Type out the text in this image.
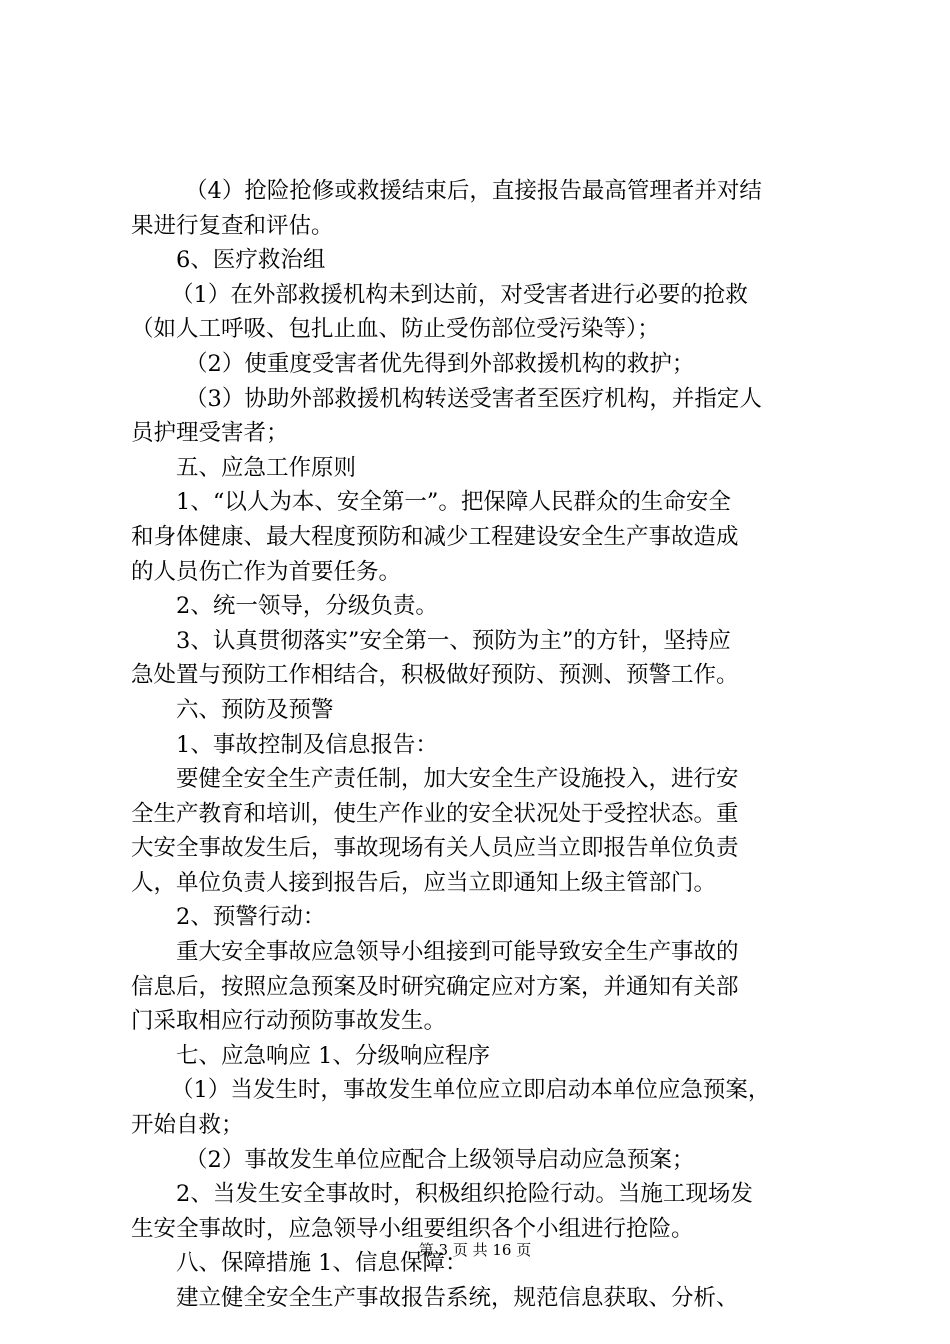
（4）抢险抢修或救援结束后，直接报告最高管理者并对结
果进行复查和评估。
6、医疗救治组
（1）在外部救援机构未到达前，对受害者进行必要的抢救
（如人工呼吸、包扎止血、防止受伤部位受污染等）；
（2）使重度受害者优先得到外部救援机构的救护；
（3）协助外部救援机构转送受害者至医疗机构，并指定人
员护理受害者；
五、应急工作原则
1、“以人为本、安全第一”。把保障人民群众的生命安全
和身体健康、最大程度预防和减少工程建设安全生产事故造成
的人员伤亡作为首要任务。
2、统一领导，分级负责。
3、认真贯彻落实”安全第一、预防为主”的方针，坚持应
急处置与预防工作相结合，积极做好预防、预测、预警工作。
六、预防及预警
1、事故控制及信息报告：
要健全安全生产责任制，加大安全生产设施投入，进行安
全生产教育和培训，使生产作业的安全状况处于受控状态。重
大安全事故发生后，事故现场有关人员应当立即报告单位负责
人，单位负责人接到报告后，应当立即通知上级主管部门。
2、预警行动：
重大安全事故应急领导小组接到可能导致安全生产事故的
信息后，按照应急预案及时研究确定应对方案，并通知有关部
门采取相应行动预防事故发生。
七、应急响应 1、分级响应程序
（1）当发生时，事故发生单位应立即启动本单位应急预案，
开始自救；
（2）事故发生单位应配合上级领导启动应急预案；
2、当发生安全事故时，积极组织抢险行动。当施工现场发
生安全事故时，应急领导小组要组织各个小组进行抢险。
八、保障措施 1、信息保障：
建立健全安全生产事故报告系统，规范信息获取、分析、
第 3 页 共 16 页
